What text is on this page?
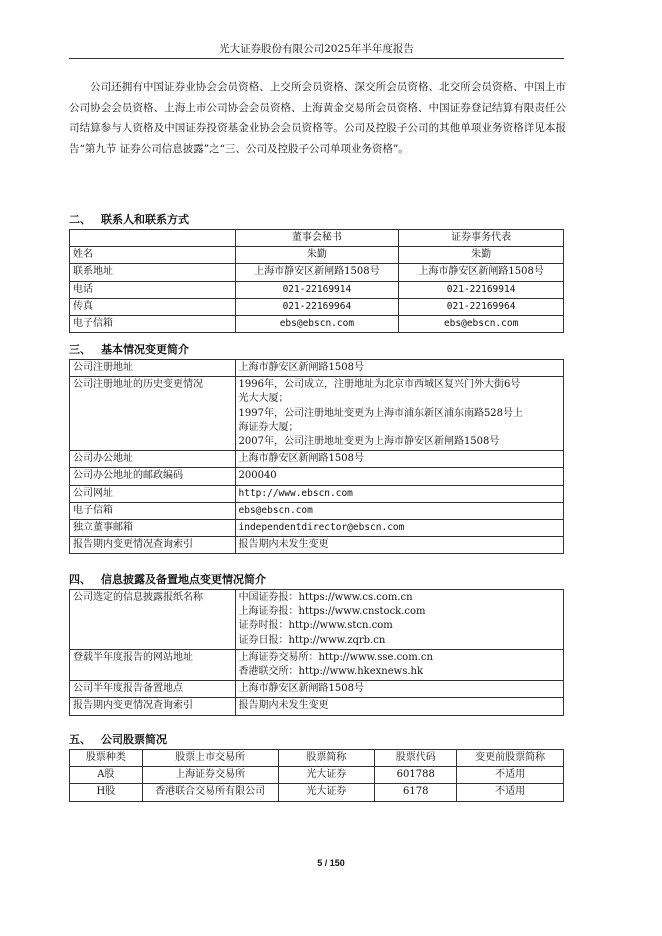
光大证券股份有限公司2025年半年度报告

公司还拥有中国证券业协会会员资格、上交所会员资格、深交所会员资格、北交所会员资格、中国上市公司协会会员资格、上海上市公司协会会员资格、上海黄金交易所会员资格、中国证券登记结算有限责任公司结算参与人资格及中国证券投资基金业协会会员资格等。公司及控股子公司的其他单项业务资格详见本报告“第九节 证券公司信息披露”之“三、公司及控股子公司单项业务资格”。

二、 联系人和联系方式
	董事会秘书	证券事务代表
姓名	朱勤	朱勤
联系地址	上海市静安区新闸路1508号	上海市静安区新闸路1508号
电话	021-22169914	021-22169914
传真	021-22169964	021-22169964
电子信箱	ebs@ebscn.com	ebs@ebscn.com
三、 基本情况变更简介
公司注册地址	上海市静安区新闸路1508号
公司注册地址的历史变更情况	1996年，公司成立，注册地址为北京市西城区复兴门外大街6号
光大大厦；
1997年，公司注册地址变更为上海市浦东新区浦东南路528号上
海证券大厦；
2007年，公司注册地址变更为上海市静安区新闸路1508号

公司办公地址	上海市静安区新闸路1508号
公司办公地址的邮政编码	200040
公司网址	http://www.ebscn.com
电子信箱	ebs@ebscn.com
独立董事邮箱	independentdirector@ebscn.com
报告期内变更情况查询索引	报告期内未发生变更
四、 信息披露及备置地点变更情况简介
公司选定的信息披露报纸名称	中国证券报：https://www.cs.com.cn
上海证券报：https://www.cnstock.com
证券时报：http://www.stcn.com
证券日报：http://www.zqrb.cn

登载半年度报告的网站地址	上海证券交易所：http://www.sse.com.cn
香港联交所：http://www.hkexnews.hk

公司半年度报告备置地点	上海市静安区新闸路1508号
报告期内变更情况查询索引	报告期内未发生变更
五、 公司股票简况
股票种类	股票上市交易所	股票简称	股票代码	变更前股票简称
A股	上海证券交易所	光大证券	601788	不适用
H股	香港联合交易所有限公司	光大证券	6178	不适用
5 / 150
